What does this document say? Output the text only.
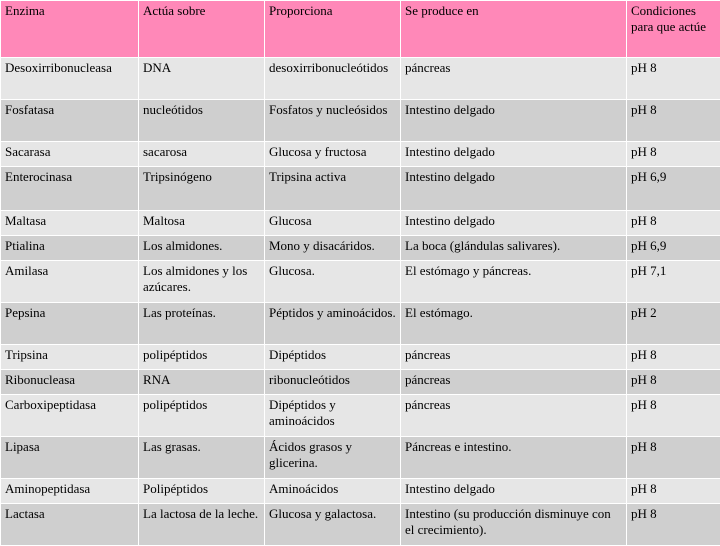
Enzima	Actúa sobre	Proporciona	Se produce en	Condiciones para que actúe
Desoxirribonucleasa	DNA	desoxirribonucleótidos	páncreas	pH 8
Fosfatasa	nucleótidos	Fosfatos y nucleósidos	Intestino delgado	pH 8
Sacarasa	sacarosa	Glucosa y fructosa	Intestino delgado	pH 8
Enterocinasa	Tripsinógeno	Tripsina activa	Intestino delgado	pH 6,9
Maltasa	Maltosa	Glucosa	Intestino delgado	pH 8
Ptialina	Los almidones.	Mono y disacáridos.	La boca (glándulas salivares).	pH 6,9
Amilasa	Los almidones y los azúcares.	Glucosa.	El estómago y páncreas.	pH 7,1
Pepsina	Las proteínas.	Péptidos y aminoácidos.	El estómago.	pH 2
Tripsina	polipéptidos	Dipéptidos	páncreas	pH 8
Ribonucleasa	RNA	ribonucleótidos	páncreas	pH 8
Carboxipeptidasa	polipéptidos	Dipéptidos y aminoácidos	páncreas	pH 8
Lipasa	Las grasas.	Ácidos grasos y glicerina.	Páncreas e intestino.	pH 8
Aminopeptidasa	Polipéptidos	Aminoácidos	Intestino delgado	pH 8
Lactasa	La lactosa de la leche.	Glucosa y galactosa.	Intestino (su producción disminuye con el crecimiento).	pH 8
